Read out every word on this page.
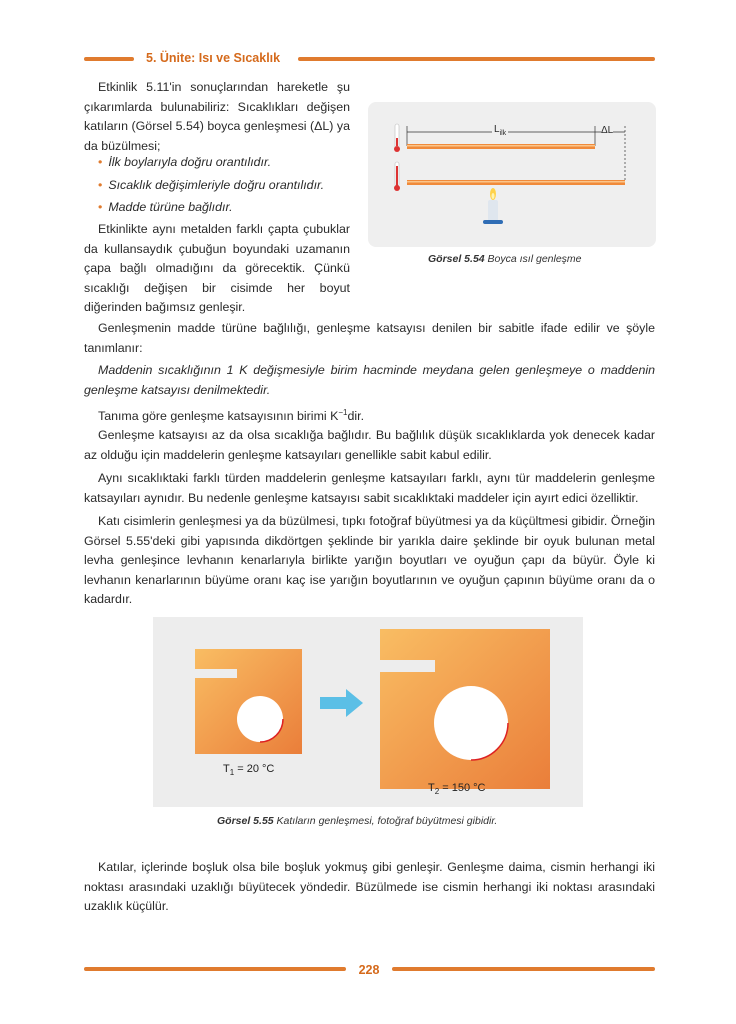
5. Ünite: Isı ve Sıcaklık

Etkinlik 5.11'in sonuçlarından hareketle şu çıkarımlarda bulunabiliriz: Sıcaklıkları değişen katıların (Görsel 5.54) boyca genleşmesi (ΔL) ya da büzülmesi;

• İlk boylarıyla doğru orantılıdır.
• Sıcaklık değişimleriyle doğru orantılıdır.
• Madde türüne bağlıdır.

Etkinlikte aynı metalden farklı çapta çubuklar da kullansaydık çubuğun boyundaki uzamanın çapa bağlı olmadığını da görecektik. Çünkü sıcaklığı değişen bir cisimde her boyut diğerinden bağımsız genleşir.

$L_{ilk}$	ΔL
Görsel 5.54 Boyca ısıl genleşme

Genleşmenin madde türüne bağlılığı, genleşme katsayısı denilen bir sabitle ifade edilir ve şöyle tanımlanır:

Maddenin sıcaklığının 1 K değişmesiyle birim hacminde meydana gelen genleşmeye o maddenin genleşme katsayısı denilmektedir.

Tanıma göre genleşme katsayısının birimi $K^{-1}dir$.

Genleşme katsayısı az da olsa sıcaklığa bağlıdır. Bu bağlılık düşük sıcaklıklarda yok denecek kadar az olduğu için maddelerin genleşme katsayıları genellikle sabit kabul edilir.

Aynı sıcaklıktaki farklı türden maddelerin genleşme katsayıları farklı, aynı tür maddelerin genleşme katsayıları aynıdır. Bu nedenle genleşme katsayısı sabit sıcaklıktaki maddeler için ayırt edici özelliktir.

Katı cisimlerin genleşmesi ya da büzülmesi, tıpkı fotoğraf büyütmesi ya da küçültmesi gibidir. Örneğin Görsel 5.55'deki gibi yapısında dikdörtgen şeklinde bir yarıkla daire şeklinde bir oyuk bulunan metal levha genleşince levhanın kenarlarıyla birlikte yarığın boyutları ve oyuğun çapı da büyür. Öyle ki levhanın kenarlarının büyüme oranı kaç ise yarığın boyutlarının ve oyuğun çapının büyüme oranı da o kadardır.

$T_1 = 20$ °C
$T_2 = 150$ °C
Görsel 5.55 Katıların genleşmesi, fotoğraf büyütmesi gibidir.

Katılar, içlerinde boşluk olsa bile boşluk yokmuş gibi genleşir. Genleşme daima, cismin herhangi iki noktası arasındaki uzaklığı büyütecek yöndedir. Büzülmede ise cismin herhangi iki noktası arasındaki uzaklık küçülür.

228
